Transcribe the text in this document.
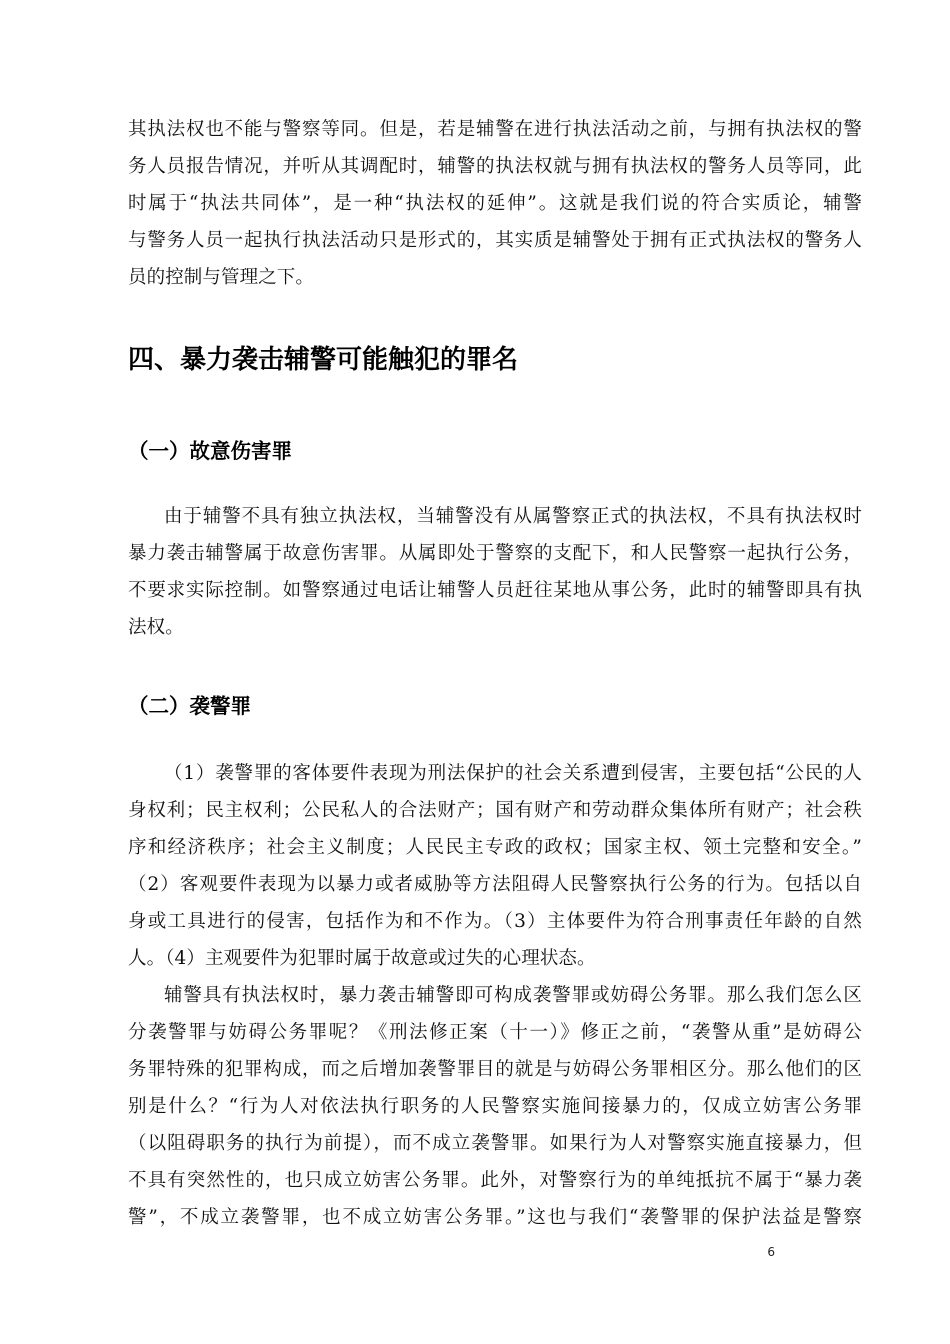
其执法权也不能与警察等同。但是，若是辅警在进行执法活动之前，与拥有执法权的警
务人员报告情况，并听从其调配时，辅警的执法权就与拥有执法权的警务人员等同，此
时属于“执法共同体”，是一种“执法权的延伸”。这就是我们说的符合实质论，辅警
与警务人员一起执行执法活动只是形式的，其实质是辅警处于拥有正式执法权的警务人
员的控制与管理之下。
四、暴力袭击辅警可能触犯的罪名
（一）故意伤害罪
由于辅警不具有独立执法权，当辅警没有从属警察正式的执法权，不具有执法权时
暴力袭击辅警属于故意伤害罪。从属即处于警察的支配下，和人民警察一起执行公务，
不要求实际控制。如警察通过电话让辅警人员赶往某地从事公务，此时的辅警即具有执
法权。
（二）袭警罪
（1）袭警罪的客体要件表现为刑法保护的社会关系遭到侵害，主要包括“公民的人
身权利；民主权利；公民私人的合法财产；国有财产和劳动群众集体所有财产；社会秩
序和经济秩序；社会主义制度；人民民主专政的政权；国家主权、领土完整和安全。”
（2）客观要件表现为以暴力或者威胁等方法阻碍人民警察执行公务的行为。包括以自
身或工具进行的侵害，包括作为和不作为。（3）主体要件为符合刑事责任年龄的自然
人。（4）主观要件为犯罪时属于故意或过失的心理状态。
辅警具有执法权时，暴力袭击辅警即可构成袭警罪或妨碍公务罪。那么我们怎么区
分袭警罪与妨碍公务罪呢？《刑法修正案（十一）》修正之前，“袭警从重”是妨碍公
务罪特殊的犯罪构成，而之后增加袭警罪目的就是与妨碍公务罪相区分。那么他们的区
别是什么？“行为人对依法执行职务的人民警察实施间接暴力的，仅成立妨害公务罪
（以阻碍职务的执行为前提），而不成立袭警罪。如果行为人对警察实施直接暴力，但
不具有突然性的，也只成立妨害公务罪。此外，对警察行为的单纯抵抗不属于“暴力袭
警”，不成立袭警罪，也不成立妨害公务罪。”这也与我们“袭警罪的保护法益是警察
6
